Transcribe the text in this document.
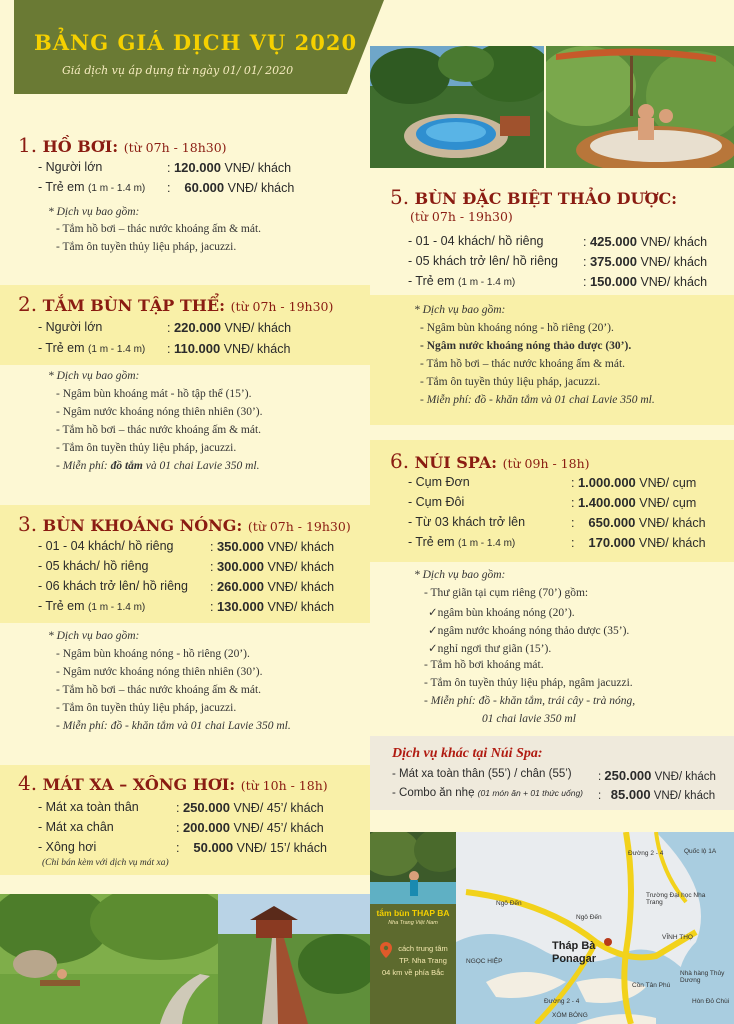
BẢNG GIÁ DỊCH VỤ 2020
Giá dịch vụ áp dụng từ ngày 01/ 01/ 2020
1. HỒ BƠI: (từ 07h - 18h30)
- Người lớn	: 120.000 VNĐ/ khách
- Trẻ em (1 m - 1.4 m) :    60.000 VNĐ/ khách
* Dịch vụ bao gồm:
- Tắm hồ bơi – thác nước khoáng ấm & mát.
- Tắm ôn tuyền thủy liệu pháp, jacuzzi.
2. TẮM BÙN TẬP THỂ: (từ 07h - 19h30)
- Người lớn	: 220.000 VNĐ/ khách
- Trẻ em (1 m - 1.4 m) : 110.000 VNĐ/ khách
* Dịch vụ bao gồm:
- Ngâm bùn khoáng mát - hồ tập thể (15’).
- Ngâm nước khoáng nóng thiên nhiên (30’).
- Tắm hồ bơi – thác nước khoáng ấm & mát.
- Tắm ôn tuyền thủy liệu pháp, jacuzzi.
- Miễn phí: đồ tắm và 01 chai Lavie 350 ml.
3. BÙN KHOÁNG NÓNG: (từ 07h - 19h30)
- 01 - 04 khách/ hồ riêng	: 350.000 VNĐ/ khách
- 05 khách/ hồ riêng	: 300.000 VNĐ/ khách
- 06 khách trở lên/ hồ riêng : 260.000 VNĐ/ khách
- Trẻ em (1 m - 1.4 m)	: 130.000 VNĐ/ khách
* Dịch vụ bao gồm:
- Ngâm bùn khoáng nóng - hồ riêng (20’).
- Ngâm nước khoáng nóng thiên nhiên (30’).
- Tắm hồ bơi – thác nước khoáng ấm & mát.
- Tắm ôn tuyền thủy liệu pháp, jacuzzi.
- Miễn phí: đồ - khăn tắm và 01 chai Lavie 350 ml.
4. MÁT XA – XÔNG HƠI: (từ 10h - 18h)
- Mát xa toàn thân	: 250.000 VNĐ/ 45’/ khách
- Mát xa chân	: 200.000 VNĐ/ 45’/ khách
- Xông hơi	:    50.000 VNĐ/ 15’/ khách
(Chỉ bán kèm với dịch vụ mát xa)
5. BÙN ĐẶC BIỆT THẢO DƯỢC:
(từ 07h - 19h30)
- 01 - 04 khách/ hồ riêng	: 425.000 VNĐ/ khách
- 05 khách trở lên/ hồ riêng : 375.000 VNĐ/ khách
- Trẻ em (1 m - 1.4 m)	: 150.000 VNĐ/ khách
* Dịch vụ bao gồm:
- Ngâm bùn khoáng nóng - hồ riêng (20’).
- Ngâm nước khoáng nóng thảo dược (30’).
- Tắm hồ bơi – thác nước khoáng ấm & mát.
- Tắm ôn tuyền thủy liệu pháp, jacuzzi.
- Miễn phí: đồ - khăn tắm và 01 chai Lavie 350 ml.
6. NÚI SPA: (từ 09h - 18h)
- Cụm Đơn	: 1.000.000 VNĐ/ cụm
- Cụm Đôi	: 1.400.000 VNĐ/ cụm
- Từ 03 khách trở lên	:    650.000 VNĐ/ khách
- Trẻ em (1 m - 1.4 m)	:    170.000 VNĐ/ khách
* Dịch vụ bao gồm:
- Thư giãn tại cụm riêng (70’) gồm:
✓ngâm bùn khoáng nóng (20’).
✓ngâm nước khoáng nóng thảo dược (35’).
✓nghỉ ngơi thư giãn (15’).
- Tắm hồ bơi khoáng mát.
- Tắm ôn tuyền thủy liệu pháp, ngâm jacuzzi.
- Miễn phí: đồ - khăn tắm, trái cây - trà nóng,
01 chai lavie 350 ml
Dịch vụ khác tại Núi Spa:
- Mát xa toàn thân (55’) / chân (55’) : 250.000 VNĐ/ khách
- Combo ăn nhẹ (01 món ăn + 01 thức uống) :   85.000 VNĐ/ khách
tắm bùn THAP BA
Nha Trang Việt Nam
cách trung tâm
TP. Nha Trang
04 km về phía Bắc
Tháp Bà
Ponagar
Đường 2 - 4
Ngô Đến
Ngô Đến
Trường Đại học Nha Trang
Nhà hàng Thủy Dương
VĨNH THỌ
NGỌC HIỆP
XÓM BÓNG
Đường 2 - 4
Cồn Tân Phú
Hòn Đỏ Chùi
Quốc lộ 1A
